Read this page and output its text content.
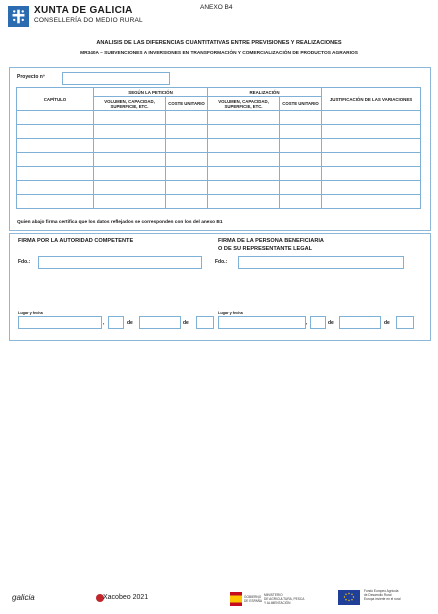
XUNTA DE GALICIA
CONSELLERÍA DO MEDIO RURAL
ANEXO B4
ANALISIS DE LAS DIFERENCIAS CUANTITATIVAS ENTRE PREVISIONES Y REALIZACIONES
MR340A – SUBVENCIONES A INVERSIONES EN TRANSFORMACIÓN Y COMERCIALIZACIÓN DE PRODUCTOS AGRARIOS
Proyecto nº
CAPÍTULO	SEGÚN LA PETICIÓN		REALIZACIÓN		JUSTIFICACIÓN DE LAS VARIACIONES
	VOLUMEN, CAPACIDAD, SUPERFICIE, ETC.	COSTE UNITARIO	VOLUMEN, CAPACIDAD, SUPERFICIE, ETC.	COSTE UNITARIO	

Quien abajo firma certifica que los datos reflejados se corresponden con los del anexo B1
FIRMA POR LA AUTORIDAD COMPETENTE	FIRMA DE LA PERSONA BENEFICIARIA
O DE SU REPRESENTANTE LEGAL
Fdo.:	Fdo.:
Lugar y fecha
,	de	de
Lugar y fecha
,	de	de
galicia	Xacobeo 2021	GOBIERNO
DE ESPAÑA
MINISTERIO
DE AGRICULTURA, PESCA
Y ALIMENTACIÓN
Fondo Europeo Agrícola
de Desarrollo Rural
Europa invierte en el rural
